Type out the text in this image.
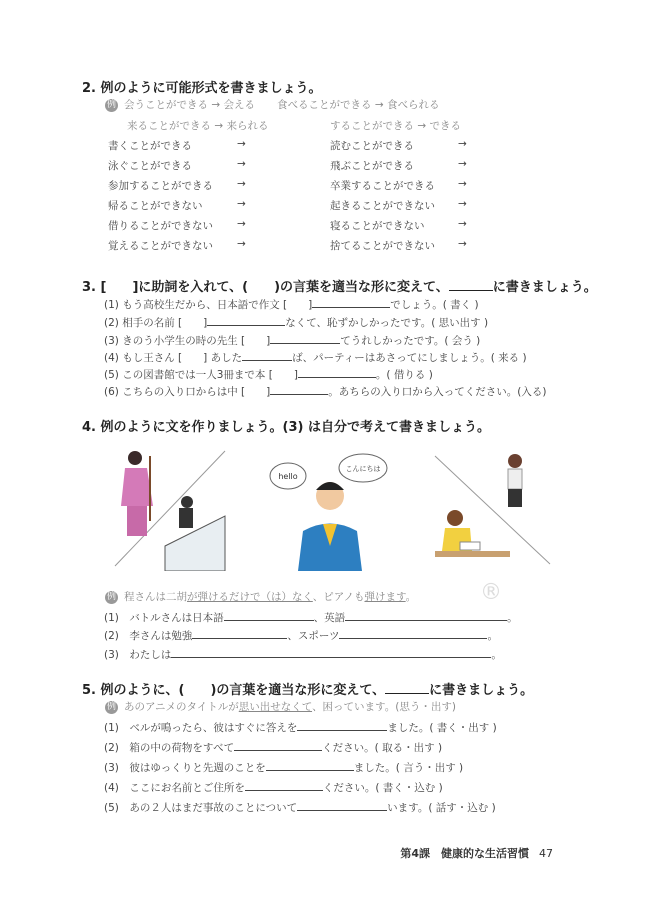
2. 例のように可能形式を書きましょう。
例 会うことができる → 会える 食べることができる → 食べられる
来ることができる → 来られる	することができる → できる
書くことができる	→	読むことができる	→
泳ぐことができる	→	飛ぶことができる	→
参加することができる →	卒業することができる →
帰ることができない	→	起きることができない →
借りることができない →	寝ることができない	→
覚えることができない →	捨てることができない →
3. [　　]に助詞を入れて、(　　)の言葉を適当な形に変えて、	に書きましょう。
(1) もう高校生だから、日本語で作文 [　　]	でしょう。( 書く )
(2) 相手の名前 [　　]	なくて、恥ずかしかったです。( 思い出す )
(3) きのう小学生の時の先生 [　　]	てうれしかったです。( 会う )
(4) もし王さん [　　] あした	ば、パーティーはあさってにしましょう。( 来る )
(5) この図書館では一人3冊まで本 [　　]	。( 借りる )
(6) こちらの入り口からは中 [　　]	。あちらの入り口から入ってください。(入る)
4. 例のように文を作りましょう。(3) は自分で考えて書きましょう。
hello
こんにちは
®
例 程さんは二胡が弾けるだけで（は）なく、ピアノも弾けます。
(1)　バトルさんは日本語	、英語	。
(2)　李さんは勉強	、スポーツ	。
(3)　わたしは	。
5. 例のように、(　　)の言葉を適当な形に変えて、	に書きましょう。
例 あのアニメのタイトルが思い出せなくて、困っています。(思う・出す)
(1)　ベルが鳴ったら、彼はすぐに答えを	ました。( 書く・出す )
(2)　箱の中の荷物をすべて	ください。( 取る・出す )
(3)　彼はゆっくりと先週のことを	ました。( 言う・出す )
(4)　ここにお名前とご住所を	ください。( 書く・込む )
(5)　あの２人はまだ事故のことについて	います。( 話す・込む )
第4課　健康的な生活習慣 47
